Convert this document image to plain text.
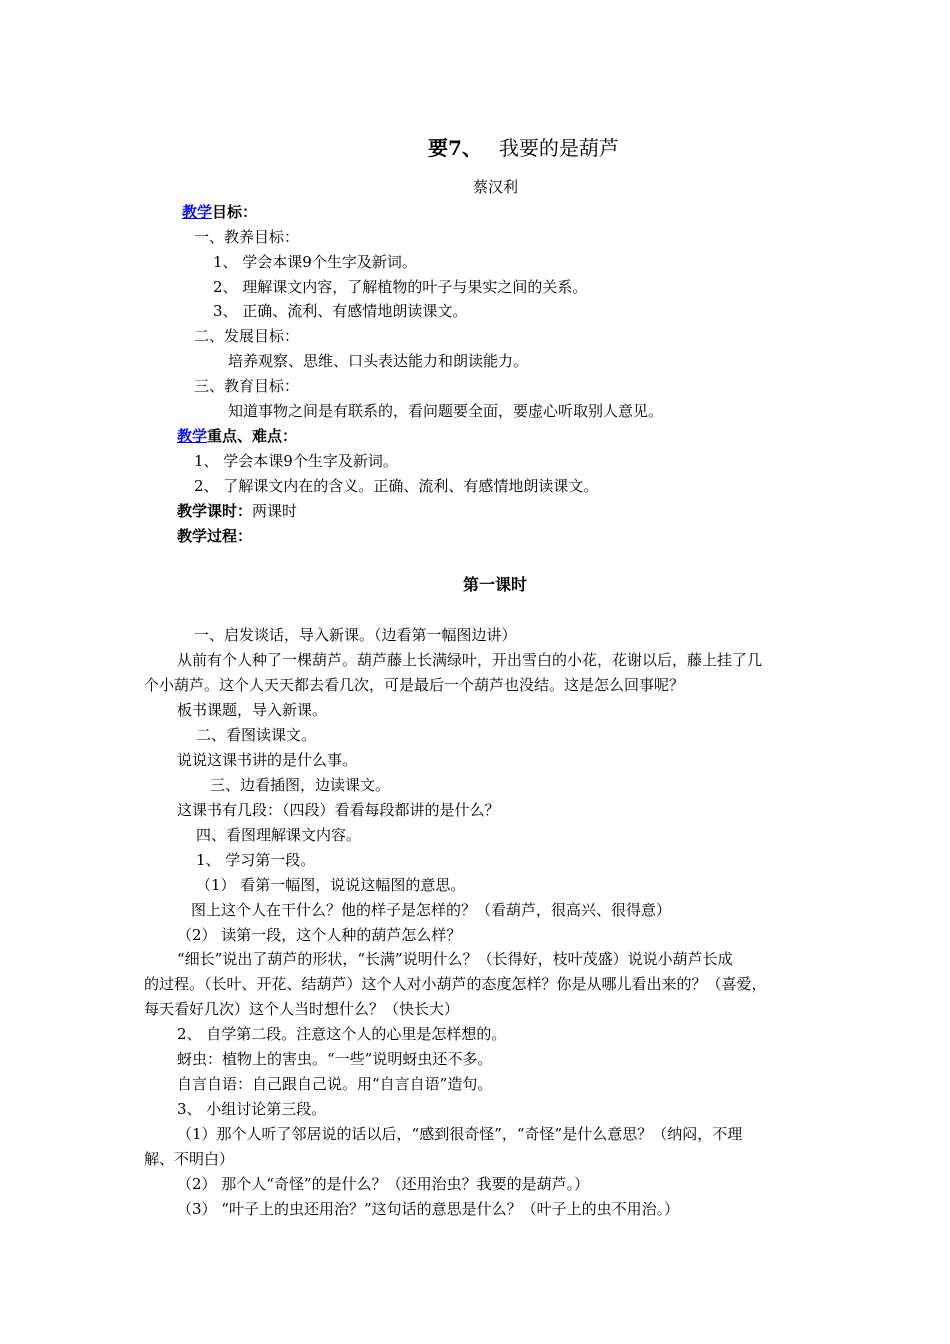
要7、 我要的是葫芦
蔡汉利
教学目标：
一、教养目标：
1、 学会本课9个生字及新词。
2、 理解课文内容，了解植物的叶子与果实之间的关系。
3、 正确、流利、有感情地朗读课文。
二、发展目标：
培养观察、思维、口头表达能力和朗读能力。
三、教育目标：
知道事物之间是有联系的，看问题要全面，要虚心听取别人意见。
教学重点、难点：
1、 学会本课9个生字及新词。
2、 了解课文内在的含义。正确、流利、有感情地朗读课文。
教学课时：两课时
教学过程：
第一课时
一、启发谈话，导入新课。（边看第一幅图边讲）
从前有个人种了一棵葫芦。葫芦藤上长满绿叶，开出雪白的小花，花谢以后，藤上挂了几
个小葫芦。这个人天天都去看几次，可是最后一个葫芦也没结。这是怎么回事呢？
板书课题，导入新课。
二、看图读课文。
说说这课书讲的是什么事。
三、边看插图，边读课文。
这课书有几段：（四段）看看每段都讲的是什么？
四、看图理解课文内容。
1、 学习第一段。
（1） 看第一幅图，说说这幅图的意思。
图上这个人在干什么？他的样子是怎样的？（看葫芦，很高兴、很得意）
（2） 读第一段，这个人种的葫芦怎么样？
“细长”说出了葫芦的形状，“长满”说明什么？（长得好，枝叶茂盛）说说小葫芦长成
的过程。（长叶、开花、结葫芦）这个人对小葫芦的态度怎样？你是从哪儿看出来的？（喜爱，
每天看好几次）这个人当时想什么？（快长大）
2、 自学第二段。注意这个人的心里是怎样想的。
蚜虫：植物上的害虫。“一些”说明蚜虫还不多。
自言自语：自己跟自己说。用“自言自语”造句。
3、 小组讨论第三段。
（1）那个人听了邻居说的话以后，“感到很奇怪”，“奇怪”是什么意思？（纳闷，不理
解、不明白）
（2） 那个人“奇怪”的是什么？（还用治虫？我要的是葫芦。）
（3） “叶子上的虫还用治？”这句话的意思是什么？（叶子上的虫不用治。）
